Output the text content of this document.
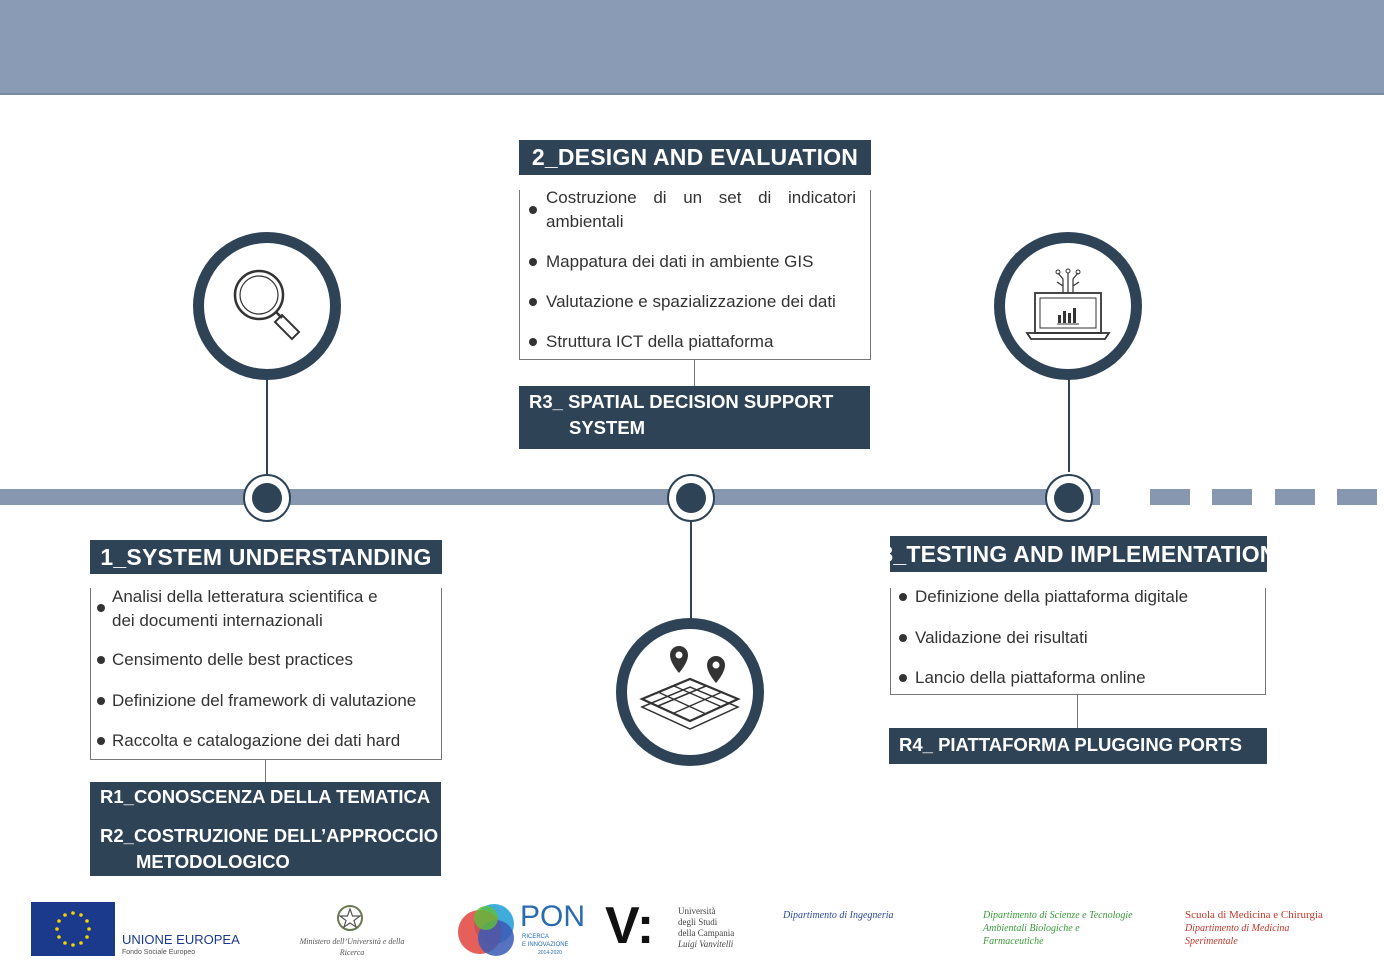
2_DESIGN AND EVALUATION
Costruzione di un set di indicatori
ambientali
Mappatura dei dati in ambiente GIS
Valutazione e spazializzazione dei dati
Struttura ICT della piattaforma
R3_ SPATIAL DECISION SUPPORT
SYSTEM
1_SYSTEM UNDERSTANDING
Analisi della letteratura scientifica e
dei documenti internazionali
Censimento delle best practices
Definizione del framework di valutazione
Raccolta e catalogazione dei dati hard
R1_CONOSCENZA DELLA TEMATICA
R2_COSTRUZIONE DELL’APPROCCIO
METODOLOGICO
3_TESTING AND IMPLEMENTATION
Definizione della piattaforma digitale
Validazione dei risultati
Lancio della piattaforma online
R4_ PIATTAFORMA PLUGGING PORTS
UNIONE EUROPEA
Fondo Sociale Europeo
Ministero dell’Università e della Ricerca
PON
RICERCA
E INNOVAZIONE
2014-2020 V:	Università
degli Studi
della Campania
Luigi Vanvitelli
Dipartimento di Ingegneria	Dipartimento di Scienze e Tecnologie
Ambientali Biologiche e
Farmaceutiche
Scuola di Medicina e Chirurgia
Dipartimento di Medicina
Sperimentale
